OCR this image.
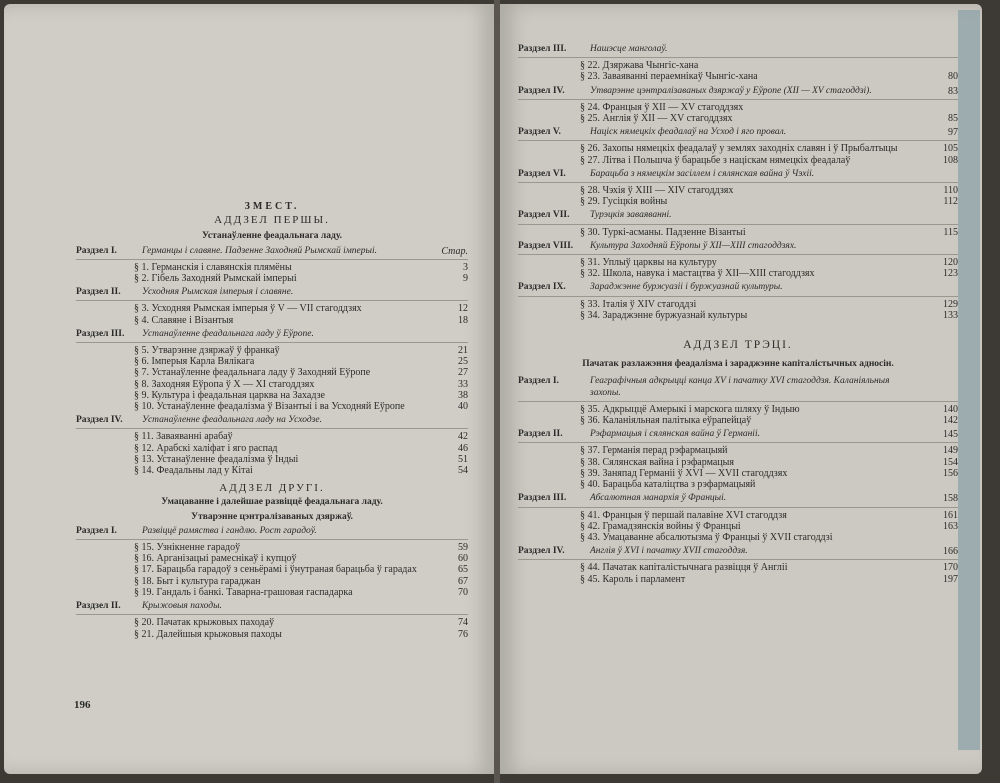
ЗМЕСТ.
АДДЗЕЛ ПЕРШЫ.
Устанаўленне феадальнага ладу.
Раздзел I.	Германцы і славяне. Падзенне Заходняй Рымскай імперыі.	Стар.
§ 1. Германскія і славянскія плямёны	3
§ 2. Гібель Заходняй Рымскай імперыі	9
Раздзел II.	Усходняя Рымская імперыя і славяне.
§ 3. Усходняя Рымская імперыя ў V — VII стагоддзях	12
§ 4. Славяне і Візантыя	18
Раздзел III.	Устанаўленне феадальнага ладу ў Еўропе.
§ 5. Утварэнне дзяржаў ў франкаў	21
§ 6. Імперыя Карла Вялікага	25
§ 7. Устанаўленне феадальнага ладу ў Заходняй Еўропе	27
§ 8. Заходняя Еўропа ў X — XI стагоддзях	33
§ 9. Культура і феадальная царква на Захадзе	38
§ 10. Устанаўленне феадалізма ў Візантыі і ва Усходняй Еўропе	40
Раздзел IV.	Устанаўленне феадальнага ладу на Усходзе.
§ 11. Заваяванні арабаў	42
§ 12. Арабскі халіфат і яго распад	46
§ 13. Устанаўленне феадалізма ў Індыі	51
§ 14. Феадальны лад у Кітаі	54
АДДЗЕЛ ДРУГІ.
Умацаванне і далейшае развіццё феадальнага ладу.
Утварэнне цэнтралізаваных дзяржаў.
Раздзел I.	Развіццё рамяства і гандлю. Рост гарадоў.
§ 15. Узнікненне гарадоў	59
§ 16. Арганізацыі рамеснікаў і купцоў	60
§ 17. Барацьба гарадоў з сеньёрамі і ўнутраная барацьба ў гарадах	65
§ 18. Быт і культура гараджан	67
§ 19. Гандаль і банкі. Таварна-грашовая гаспадарка	70
Раздзел II.	Крыжовыя паходы.
§ 20. Пачатак крыжовых паходаў	74
§ 21. Далейшыя крыжовыя паходы	76
196
Раздзел III.	Нашэсце манголаў.
§ 22. Дзяржава Чынгіс-хана
§ 23. Заваяванні пераемнікаў Чынгіс-хана	80
Раздзел IV.	Утварэнне цэнтралізаваных дзяржаў у Еўропе (XII — XV стагоддзі).	83
§ 24. Францыя ў XII — XV стагоддзях
§ 25. Англія ў XII — XV стагоддзях	85
Раздзел V.	Націск нямецкіх феадалаў на Усход і яго провал.	97
§ 26. Захопы нямецкіх феадалаў у землях заходніх славян і ў Прыбалтыцы	105
§ 27. Літва і Польшча ў барацьбе з націскам нямецкіх феадалаў	108
Раздзел VI.	Барацьба з нямецкім засіллем і сялянская вайна ў Чэхіі.
§ 28. Чэхія ў XIII — XIV стагоддзях	110
§ 29. Гусіцкія войны	112
Раздзел VII.	Турэцкія заваяванні.
§ 30. Туркі-асманы. Падзенне Візантыі	115
Раздзел VIII.	Культура Заходняй Еўропы ў XII—XIII стагоддзях.
§ 31. Уплыў царквы на культуру	120
§ 32. Школа, навука і мастацтва ў XII—XIII стагоддзях	123
Раздзел IX.	Зараджэнне буржуазіі і буржуазнай культуры.
§ 33. Італія ў XIV стагоддзі	129
§ 34. Зараджэнне буржуазнай культуры	133
АДДЗЕЛ ТРЭЦІ.
Пачатак разлажэння феадалізма і зараджэнне капіталістычных адносін.
Раздзел I.	Геаграфічныя адкрыцці канца XV і пачатку XVI стагоддзя. Каланіяльныя захопы.
§ 35. Адкрыццё Амерыкі і марскога шляху ў Індыю	140
§ 36. Каланіяльная палітыка еўрапейцаў	142
Раздзел II.	Рэфармацыя і сялянская вайна ў Германіі.	145
§ 37. Германія перад рэфармацыяй	149
§ 38. Сялянская вайна і рэфармацыя	154
§ 39. Заняпад Германіі ў XVI — XVII стагоддзях	156
§ 40. Барацьба каталіцтва з рэфармацыяй
Раздзел III.	Абсалютная манархія ў Францыі.	158
§ 41. Францыя ў першай палавіне XVI стагоддзя	161
§ 42. Грамадзянскія войны ў Францыі	163
§ 43. Умацаванне абсалютызма ў Францыі ў XVII стагоддзі
Раздзел IV.	Англія ў XVI і пачатку XVII стагоддзя.	166
§ 44. Пачатак капіталістычнага развіцця ў Англіі	170
§ 45. Кароль і парламент	197
